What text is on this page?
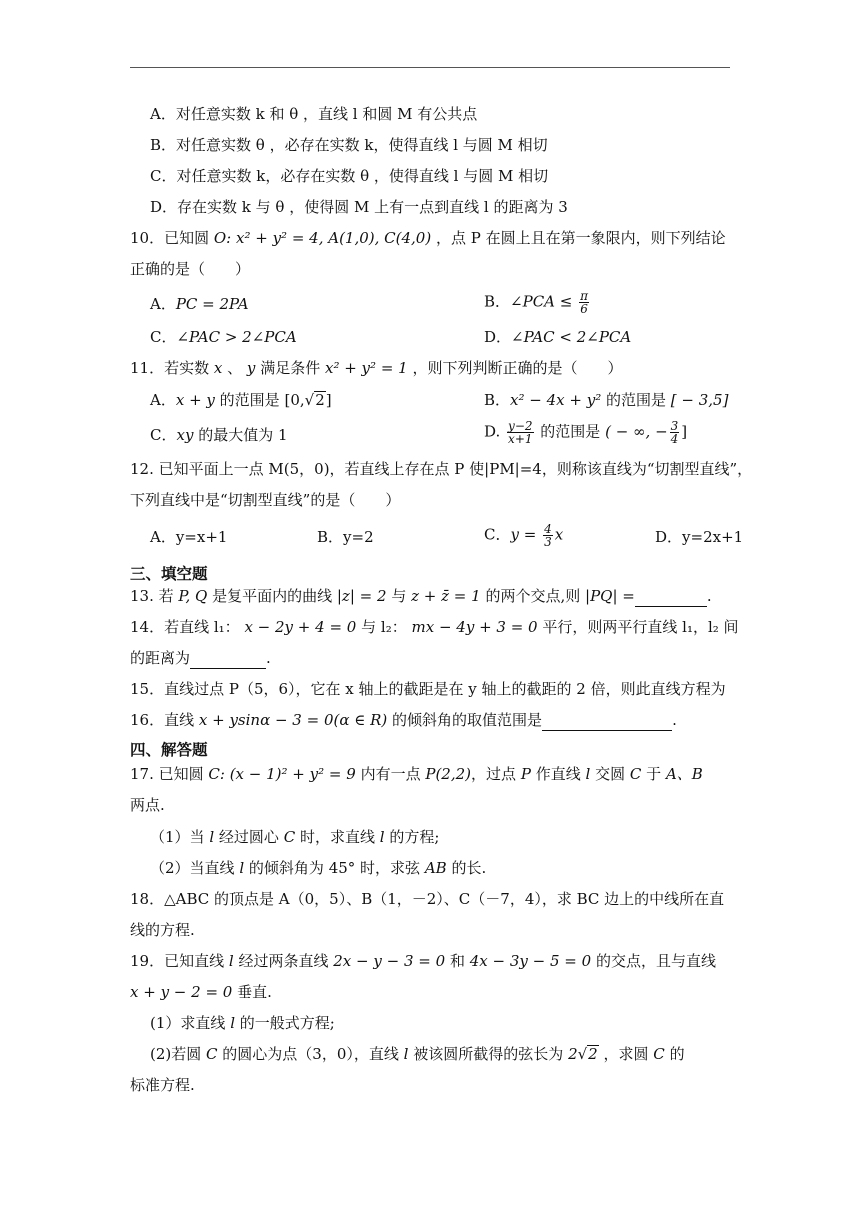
A．对任意实数 k 和 θ ，直线 l 和圆 M 有公共点
B．对任意实数 θ ，必存在实数 k，使得直线 l 与圆 M 相切
C．对任意实数 k，必存在实数 θ ，使得直线 l 与圆 M 相切
D．存在实数 k 与 θ ，使得圆 M 上有一点到直线 l 的距离为 3
10．已知圆 O: x² + y² = 4, A(1,0), C(4,0) ，点 P 在圆上且在第一象限内，则下列结论
正确的是（　　）
A．PC = 2PA	B．∠PCA ≤ $\frac{\pi}{6}$
C．∠PAC > 2∠PCA	D．∠PAC < 2∠PCA
11．若实数 x 、 y 满足条件 x² + y² = 1 ，则下列判断正确的是（　　）
A．x + y 的范围是 [0,√2]	B．x² − 4x + y² 的范围是 [ − 3,5]
C．xy 的最大值为 1	D. $\frac{y-2}{x+1}$ 的范围是 ( − ∞, − $\frac{3}{4}$ ]
12. 已知平面上一点 M(5，0)，若直线上存在点 P 使|PM|=4，则称该直线为“切割型直线”，
下列直线中是“切割型直线”的是（　　）
A．y=x+1	B．y=2	C．$y = \frac{4}{3}$ x	D．y=2x+1
三、填空题
13. 若 P, Q 是复平面内的曲线 |z| = 2 与 z + z̄ = 1 的两个交点,则 |PQ| =	.
14．若直线 l₁： x − 2y + 4 = 0 与 l₂： mx − 4y + 3 = 0 平行，则两平行直线 l₁，l₂ 间
的距离为	.
15．直线过点 P（5，6），它在 x 轴上的截距是在 y 轴上的截距的 2 倍，则此直线方程为
16．直线 x + ysinα − 3 = 0(α ∈ R) 的倾斜角的取值范围是	.
四、解答题
17. 已知圆 C: (x − 1)² + y² = 9 内有一点 P(2,2)，过点 P 作直线 l 交圆 C 于 A、B
两点.
（1）当 l 经过圆心 C 时，求直线 l 的方程;
（2）当直线 l 的倾斜角为 45° 时，求弦 AB 的长.
18．△ABC 的顶点是 A（0，5）、B（1，－2）、C（－7，4），求 BC 边上的中线所在直
线的方程.
19．已知直线 l 经过两条直线 2x − y − 3 = 0 和 4x − 3y − 5 = 0 的交点，且与直线
x + y − 2 = 0 垂直.
(1）求直线 l 的一般式方程;
(2)若圆 C 的圆心为点（3，0），直线 l 被该圆所截得的弦长为 2√2 ，求圆 C 的
标准方程.
